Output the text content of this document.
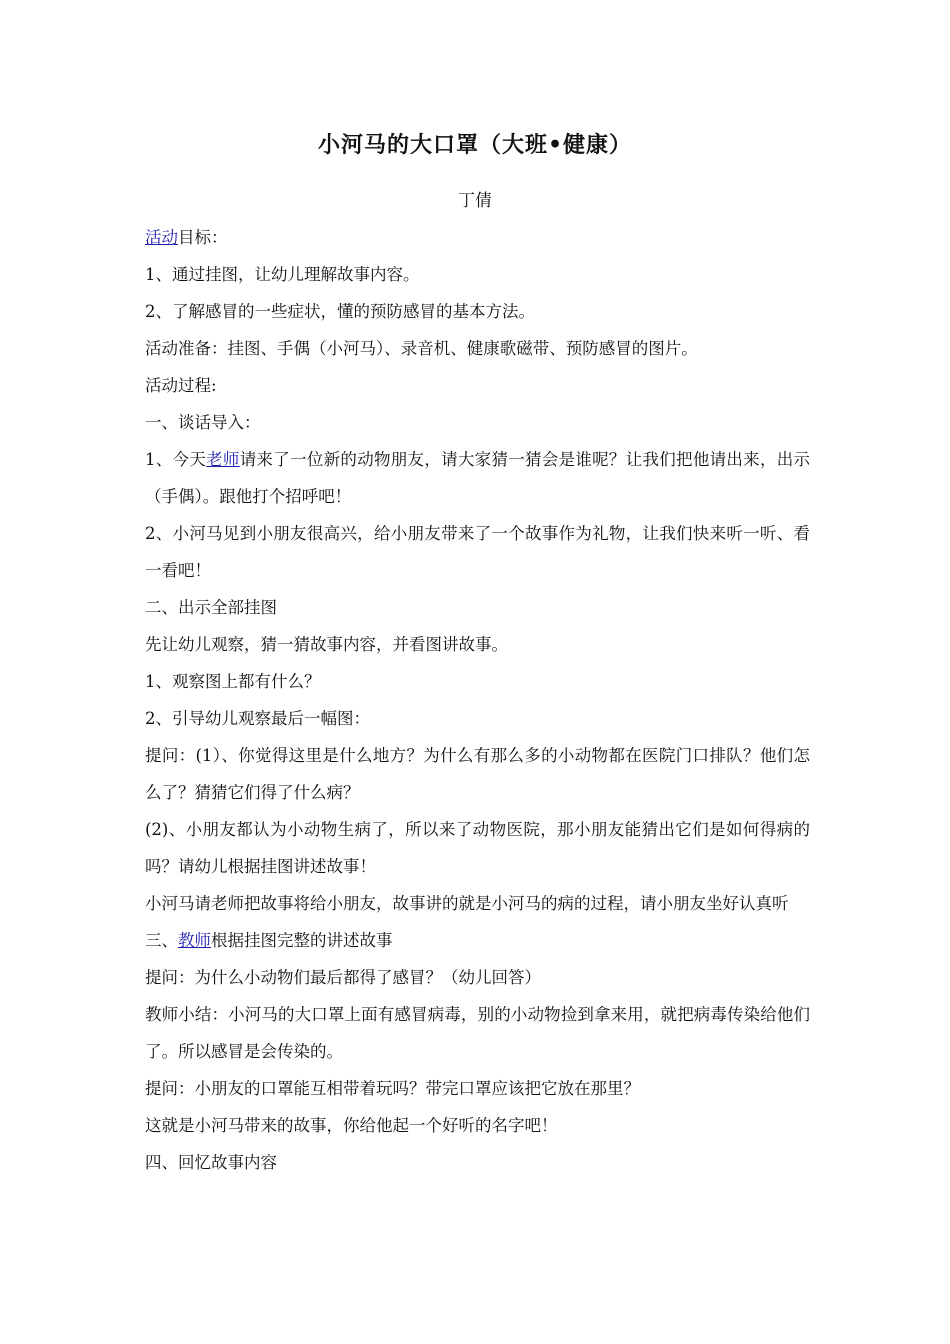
小河马的大口罩（大班•健康）
丁倩

活动目标：

1、通过挂图，让幼儿理解故事内容。

2、了解感冒的一些症状，懂的预防感冒的基本方法。

活动准备：挂图、手偶（小河马）、录音机、健康歌磁带、预防感冒的图片。

活动过程:

一、谈话导入：

1、今天老师请来了一位新的动物朋友，请大家猜一猜会是谁呢？让我们把他请出来，出示（手偶）。跟他打个招呼吧！

2、小河马见到小朋友很高兴，给小朋友带来了一个故事作为礼物，让我们快来听一听、看一看吧！

二、出示全部挂图

先让幼儿观察，猜一猜故事内容，并看图讲故事。

1、观察图上都有什么？

2、引导幼儿观察最后一幅图：

提问：(1）、你觉得这里是什么地方？为什么有那么多的小动物都在医院门口排队？他们怎么了？猜猜它们得了什么病？

(2)、小朋友都认为小动物生病了，所以来了动物医院，那小朋友能猜出它们是如何得病的吗？请幼儿根据挂图讲述故事！

小河马请老师把故事将给小朋友，故事讲的就是小河马的病的过程，请小朋友坐好认真听

三、教师根据挂图完整的讲述故事

提问：为什么小动物们最后都得了感冒？（幼儿回答）

教师小结：小河马的大口罩上面有感冒病毒，别的小动物捡到拿来用，就把病毒传染给他们了。所以感冒是会传染的。

提问：小朋友的口罩能互相带着玩吗？带完口罩应该把它放在那里？

这就是小河马带来的故事，你给他起一个好听的名字吧！

四、回忆故事内容
